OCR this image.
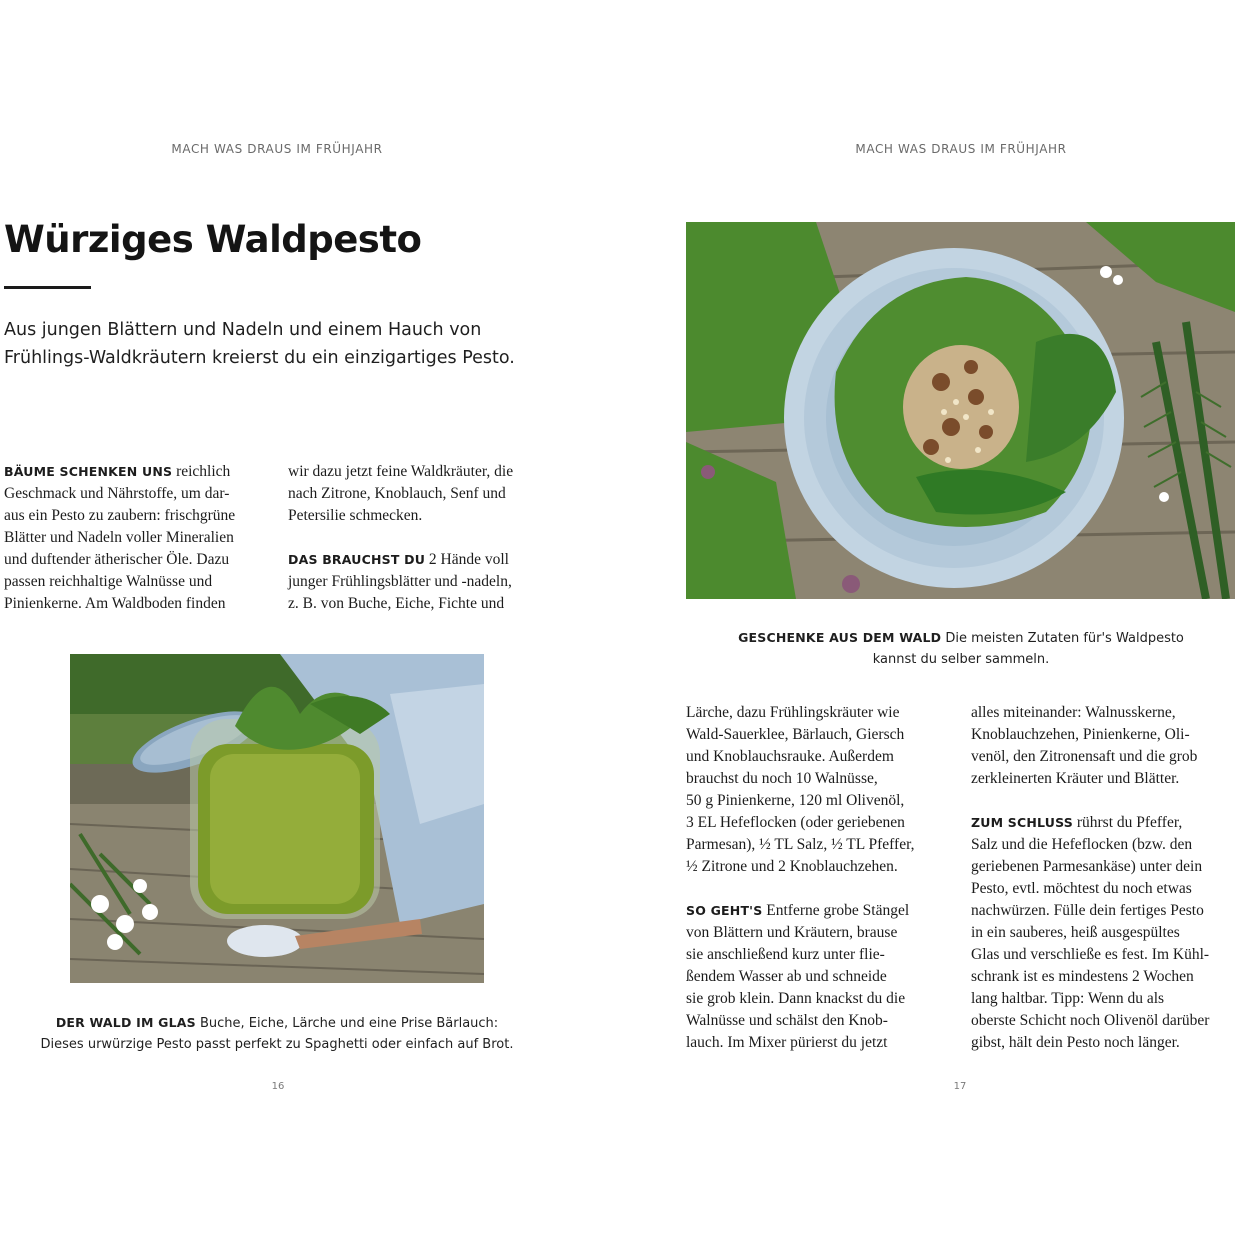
MACH WAS DRAUS IM FRÜHJAHR
Würziges Waldpesto
Aus jungen Blättern und Nadeln und einem Hauch von
Frühlings-Waldkräutern kreierst du ein einzigartiges Pesto.
BÄUME SCHENKEN UNS reichlich
Geschmack und Nährstoffe, um dar-
aus ein Pesto zu zaubern: frischgrüne
Blätter und Nadeln voller Mineralien
und duftender ätherischer Öle. Dazu
passen reichhaltige Walnüsse und
Pinienkerne. Am Waldboden finden
wir dazu jetzt feine Waldkräuter, die
nach Zitrone, Knoblauch, Senf und
Petersilie schmecken.
DAS BRAUCHST DU 2 Hände voll
junger Frühlingsblätter und -nadeln,
z. B. von Buche, Eiche, Fichte und
DER WALD IM GLAS Buche, Eiche, Lärche und eine Prise Bärlauch:
Dieses urwürzige Pesto passt perfekt zu Spaghetti oder einfach auf Brot.
16
MACH WAS DRAUS IM FRÜHJAHR
GESCHENKE AUS DEM WALD Die meisten Zutaten für's Waldpesto
kannst du selber sammeln.
Lärche, dazu Frühlingskräuter wie
Wald-Sauerklee, Bärlauch, Giersch
und Knoblauchsrauke. Außerdem
brauchst du noch 10 Walnüsse,
50 g Pinienkerne, 120 ml Olivenöl,
3 EL Hefeflocken (oder geriebenen
Parmesan), ½ TL Salz, ½ TL Pfeffer,
½ Zitrone und 2 Knoblauchzehen.
SO GEHT'S Entferne grobe Stängel
von Blättern und Kräutern, brause
sie anschließend kurz unter flie-
ßendem Wasser ab und schneide
sie grob klein. Dann knackst du die
Walnüsse und schälst den Knob-
lauch. Im Mixer pürierst du jetzt
alles miteinander: Walnusskerne,
Knoblauchzehen, Pinienkerne, Oli-
venöl, den Zitronensaft und die grob
zerkleinerten Kräuter und Blätter.
ZUM SCHLUSS rührst du Pfeffer,
Salz und die Hefeflocken (bzw. den
geriebenen Parmesankäse) unter dein
Pesto, evtl. möchtest du noch etwas
nachwürzen. Fülle dein fertiges Pesto
in ein sauberes, heiß ausgespültes
Glas und verschließe es fest. Im Kühl-
schrank ist es mindestens 2 Wochen
lang haltbar. Tipp: Wenn du als
oberste Schicht noch Olivenöl darüber
gibst, hält dein Pesto noch länger.
17
